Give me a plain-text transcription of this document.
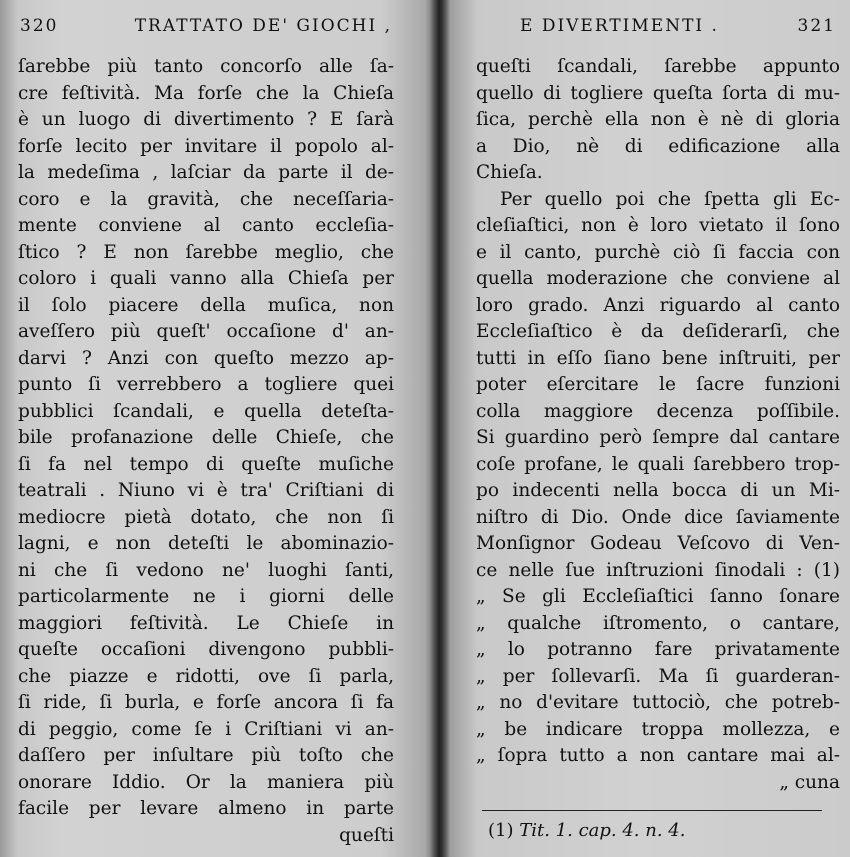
320	TRATTATO DE' GIOCHI ,
ſarebbe più tanto concorſo alle ſa-
cre feſtività. Ma forſe che la Chieſa
è un luogo di divertimento ? E ſarà
forſe lecito per invitare il popolo al-
la medeſima , laſciar da parte il de-
coro e la gravità, che neceſſaria-
mente conviene al canto eccleſia-
ſtico ? E non ſarebbe meglio, che
coloro i quali vanno alla Chieſa per
il ſolo piacere della muſica, non
aveſſero più queſt' occaſione d' an-
darvi ? Anzi con queſto mezzo ap-
punto ſi verrebbero a togliere quei
pubblici ſcandali, e quella deteſta-
bile profanazione delle Chieſe, che
ſi fa nel tempo di queſte muſiche
teatrali . Niuno vi è tra' Criſtiani di
mediocre pietà dotato, che non ſi
lagni, e non deteſti le abominazio-
ni che ſi vedono ne' luoghi ſanti,
particolarmente ne i giorni delle
maggiori feſtività. Le Chieſe in
queſte occaſioni divengono pubbli-
che piazze e ridotti, ove ſi parla,
ſi ride, ſi burla, e forſe ancora ſi fa
di peggio, come ſe i Criſtiani vi an-
daſſero per inſultare più toſto che
onorare Iddio. Or la maniera più
facile per levare almeno in parte
queſti
E DIVERTIMENTI .	321
queſti ſcandali, ſarebbe appunto
quello di togliere queſta ſorta di mu-
ſica, perchè ella non è nè di gloria
a Dio, nè di edificazione alla
Chieſa.
Per quello poi che ſpetta gli Ec-
cleſiaſtici, non è loro vietato il ſono
e il canto, purchè ciò ſi faccia con
quella moderazione che conviene al
loro grado. Anzi riguardo al canto
Eccleſiaſtico è da deſiderarſi, che
tutti in eſſo ſiano bene inſtruiti, per
poter eſercitare le ſacre funzioni
colla maggiore decenza poſſibile.
Si guardino però ſempre dal cantare
coſe profane, le quali ſarebbero trop-
po indecenti nella bocca di un Mi-
niſtro di Dio. Onde dice ſaviamente
Monſignor Godeau Veſcovo di Ven-
ce nelle ſue inſtruzioni ſinodali : (1)
„ Se gli Eccleſiaſtici ſanno ſonare
„ qualche iſtromento, o cantare,
„ lo potranno fare privatamente
„ per ſollevarſi. Ma ſi guarderan-
„ no d'evitare tuttociò, che potreb-
„ be indicare troppa mollezza, e
„ ſopra tutto a non cantare mai al-
„ cuna
(1) Tit. 1. cap. 4. n. 4.
